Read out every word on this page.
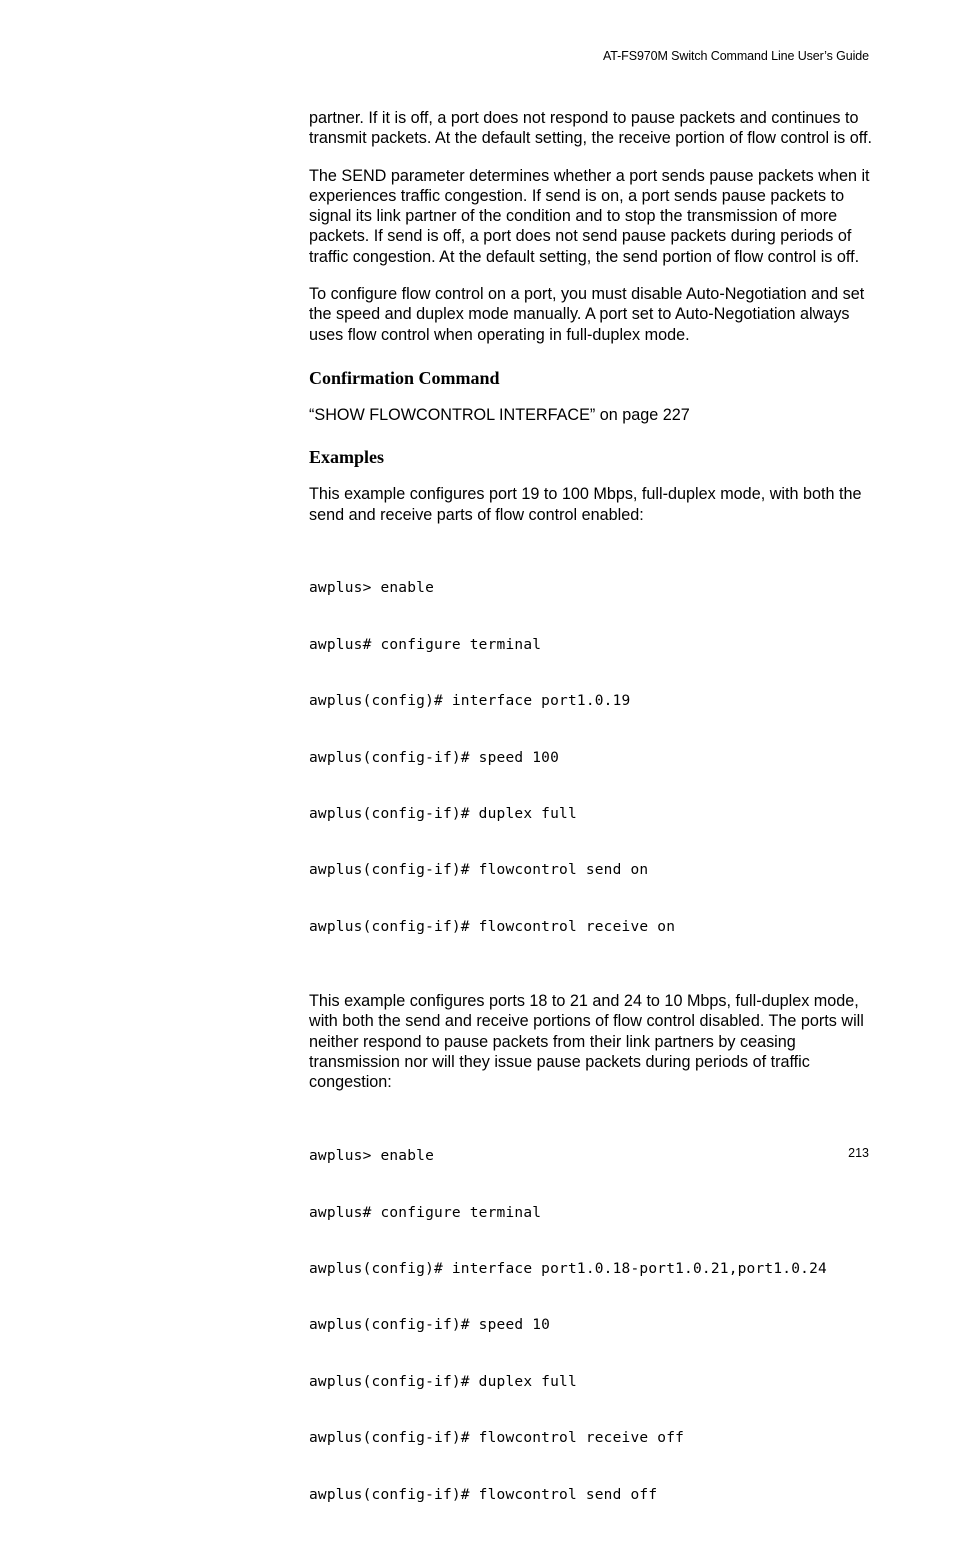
AT-FS970M Switch Command Line User’s Guide

partner. If it is off, a port does not respond to pause packets and continues to transmit packets. At the default setting, the receive portion of flow control is off.

The SEND parameter determines whether a port sends pause packets when it experiences traffic congestion. If send is on, a port sends pause packets to signal its link partner of the condition and to stop the transmission of more packets. If send is off, a port does not send pause packets during periods of traffic congestion. At the default setting, the send portion of flow control is off.

To configure flow control on a port, you must disable Auto-Negotiation and set the speed and duplex mode manually. A port set to Auto-Negotiation always uses flow control when operating in full-duplex mode.

Confirmation Command

“SHOW FLOWCONTROL INTERFACE” on page 227

Examples

This example configures port 19 to 100 Mbps, full-duplex mode, with both the send and receive parts of flow control enabled:

awplus> enable

awplus# configure terminal

awplus(config)# interface port1.0.19

awplus(config-if)# speed 100

awplus(config-if)# duplex full

awplus(config-if)# flowcontrol send on

awplus(config-if)# flowcontrol receive on

This example configures ports 18 to 21 and 24 to 10 Mbps, full-duplex mode, with both the send and receive portions of flow control disabled. The ports will neither respond to pause packets from their link partners by ceasing transmission nor will they issue pause packets during periods of traffic congestion:

awplus> enable

awplus# configure terminal

awplus(config)# interface port1.0.18-port1.0.21,port1.0.24

awplus(config-if)# speed 10

awplus(config-if)# duplex full

awplus(config-if)# flowcontrol receive off

awplus(config-if)# flowcontrol send off

213
